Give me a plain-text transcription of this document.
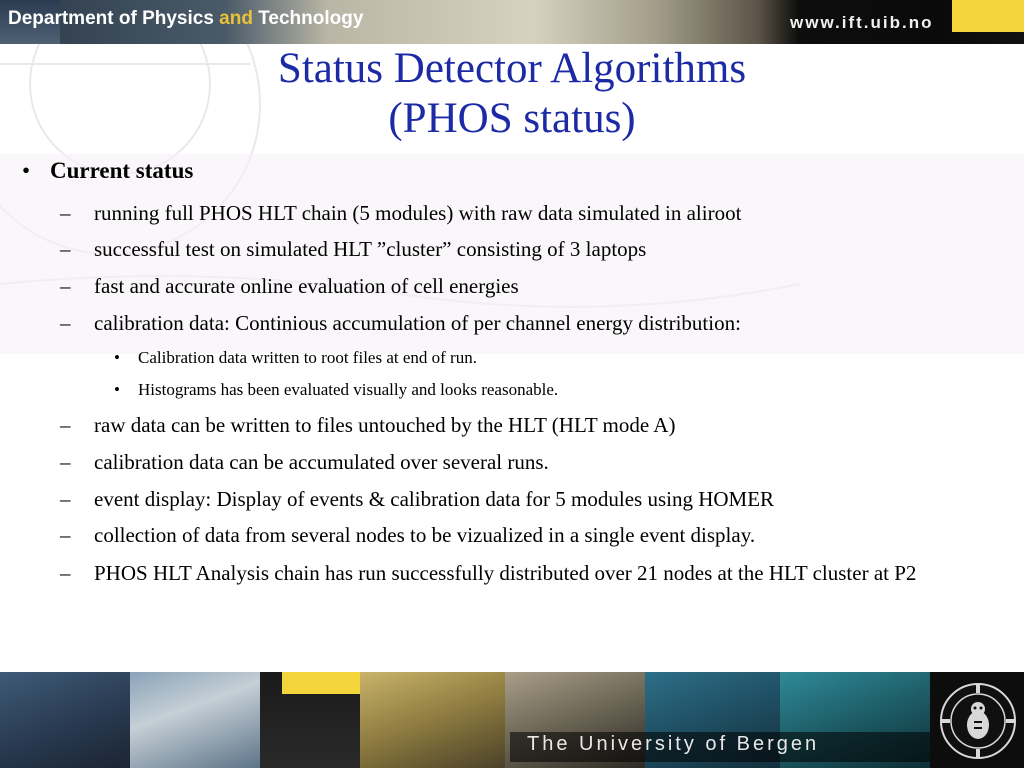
Department of Physics and Technology	www.ift.uib.no
Status Detector Algorithms
(PHOS status)
• Current status
– running full PHOS HLT chain (5 modules) with raw data simulated in aliroot
– successful test on simulated HLT ”cluster” consisting of 3 laptops
– fast and accurate online evaluation of cell energies
– calibration data: Continious accumulation of per channel energy distribution:
• Calibration data written to root files at end of run.
• Histograms has been evaluated visually and looks reasonable.
– raw data can be written to files untouched by the HLT (HLT mode A)
– calibration data can be accumulated over several runs.
– event display: Display of events & calibration data for 5 modules using HOMER
– collection of data from several nodes to be vizualized in a single event display.
– PHOS HLT Analysis chain has run successfully distributed over 21 nodes at the HLT cluster at P2
The University of Bergen
